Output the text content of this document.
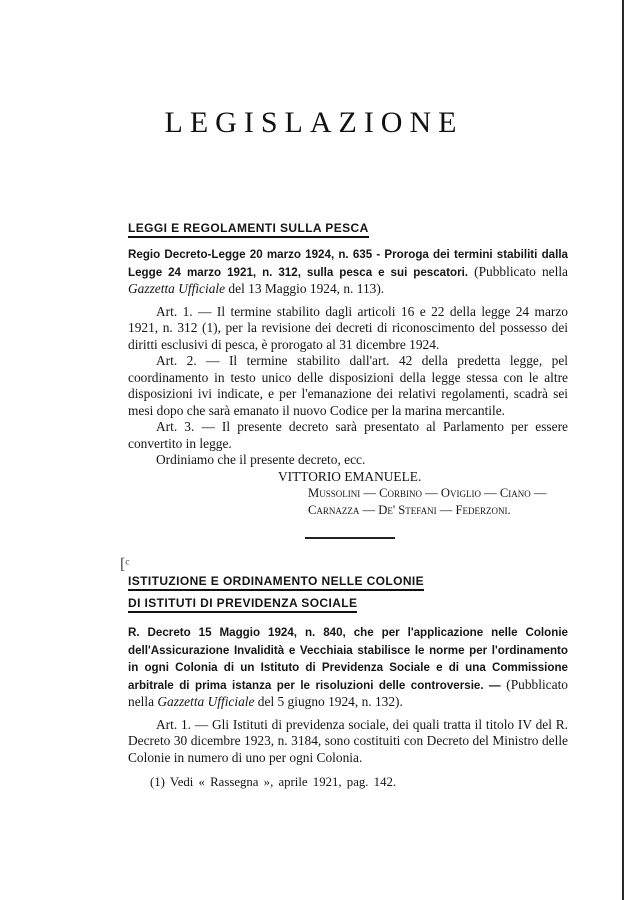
LEGISLAZIONE
LEGGI E REGOLAMENTI SULLA PESCA

Regio Decreto-Legge 20 marzo 1924, n. 635 - Proroga dei termini stabiliti dalla Legge 24 marzo 1921, n. 312, sulla pesca e sui pescatori. (Pubblicato nella Gazzetta Ufficiale del 13 Maggio 1924, n. 113).

Art. 1. — Il termine stabilito dagli articoli 16 e 22 della legge 24 marzo 1921, n. 312 (1), per la revisione dei decreti di riconoscimento del possesso dei diritti esclusivi di pesca, è prorogato al 31 dicembre 1924.

Art. 2. — Il termine stabilito dall'art. 42 della predetta legge, pel coordinamento in testo unico delle disposizioni della legge stessa con le altre disposizioni ivi indicate, e per l'emanazione dei relativi regolamenti, scadrà sei mesi dopo che sarà emanato il nuovo Codice per la marina mercantile.

Art. 3. — Il presente decreto sarà presentato al Parlamento per essere convertito in legge.

Ordiniamo che il presente decreto, ecc.

VITTORIO EMANUELE.

Mussolini — Corbino — Oviglio — Ciano —

Carnazza — De' Stefani — Federzoni.

[ᶜ
ISTITUZIONE E ORDINAMENTO NELLE COLONIE
DI ISTITUTI DI PREVIDENZA SOCIALE

R. Decreto 15 Maggio 1924, n. 840, che per l'applicazione nelle Colonie dell'Assicurazione Invalidità e Vecchiaia stabilisce le norme per l'ordinamento in ogni Colonia di un Istituto di Previdenza Sociale e di una Commissione arbitrale di prima istanza per le risoluzioni delle controversie. — (Pubblicato nella Gazzetta Ufficiale del 5 giugno 1924, n. 132).

Art. 1. — Gli Istituti di previdenza sociale, dei quali tratta il titolo IV del R. Decreto 30 dicembre 1923, n. 3184, sono costituiti con Decreto del Ministro delle Colonie in numero di uno per ogni Colonia.

(1) Vedi « Rassegna », aprile 1921, pag. 142.
